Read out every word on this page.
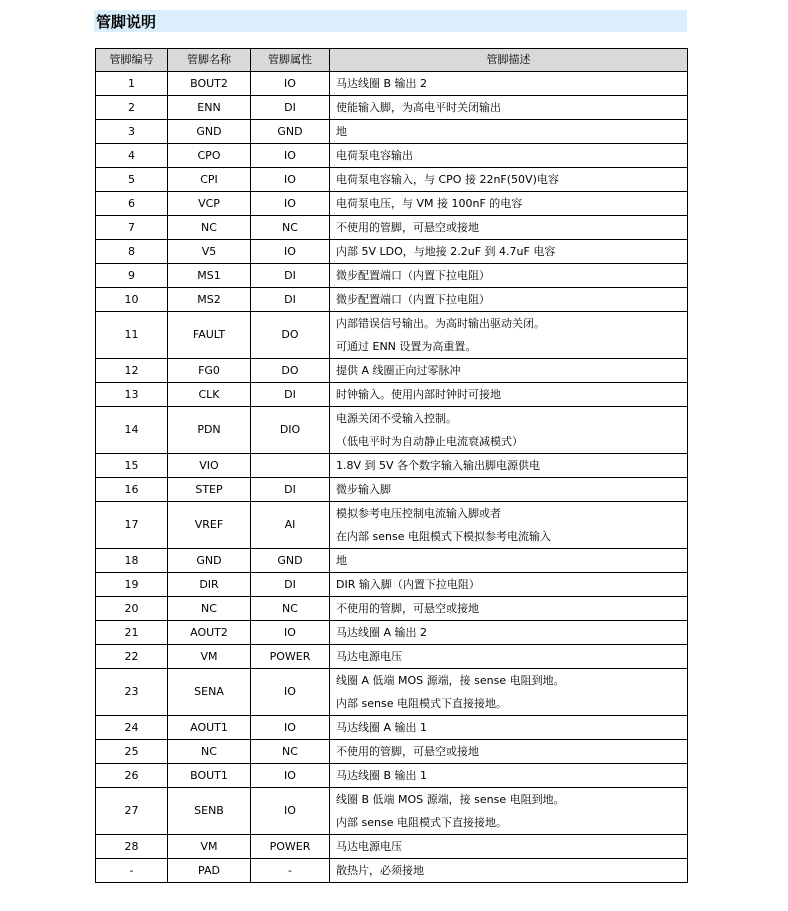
管脚说明
管脚编号	管脚名称	管脚属性	管脚描述
1	BOUT2	IO	马达线圈 B 输出 2

2	ENN	DI	使能输入脚，为高电平时关闭输出

3	GND	GND	地

4	CPO	IO	电荷泵电容输出

5	CPI	IO	电荷泵电容输入，与 CPO 接 22nF(50V)电容

6	VCP	IO	电荷泵电压，与 VM 接 100nF 的电容

7	NC	NC	不使用的管脚，可悬空或接地

8	V5	IO	内部 5V LDO，与地接 2.2uF 到 4.7uF 电容

9	MS1	DI	微步配置端口（内置下拉电阻）

10	MS2	DI	微步配置端口（内置下拉电阻）

11	FAULT	DO	内部错误信号输出。为高时输出驱动关闭。
可通过 ENN 设置为高重置。

12	FG0	DO	提供 A 线圈正向过零脉冲

13	CLK	DI	时钟输入。使用内部时钟时可接地

14	PDN	DIO	电源关闭不受输入控制。
（低电平时为自动静止电流衰减模式）

15	VIO		1.8V 到 5V 各个数字输入输出脚电源供电

16	STEP	DI	微步输入脚

17	VREF	AI	模拟参考电压控制电流输入脚或者
在内部 sense 电阻模式下模拟参考电流输入

18	GND	GND	地

19	DIR	DI	DIR 输入脚（内置下拉电阻）

20	NC	NC	不使用的管脚，可悬空或接地

21	AOUT2	IO	马达线圈 A 输出 2

22	VM	POWER	马达电源电压

23	SENA	IO	线圈 A 低端 MOS 源端，接 sense 电阻到地。
内部 sense 电阻模式下直接接地。

24	AOUT1	IO	马达线圈 A 输出 1

25	NC	NC	不使用的管脚，可悬空或接地

26	BOUT1	IO	马达线圈 B 输出 1

27	SENB	IO	线圈 B 低端 MOS 源端，接 sense 电阻到地。
内部 sense 电阻模式下直接接地。

28	VM	POWER	马达电源电压

-	PAD	-	散热片，必须接地
